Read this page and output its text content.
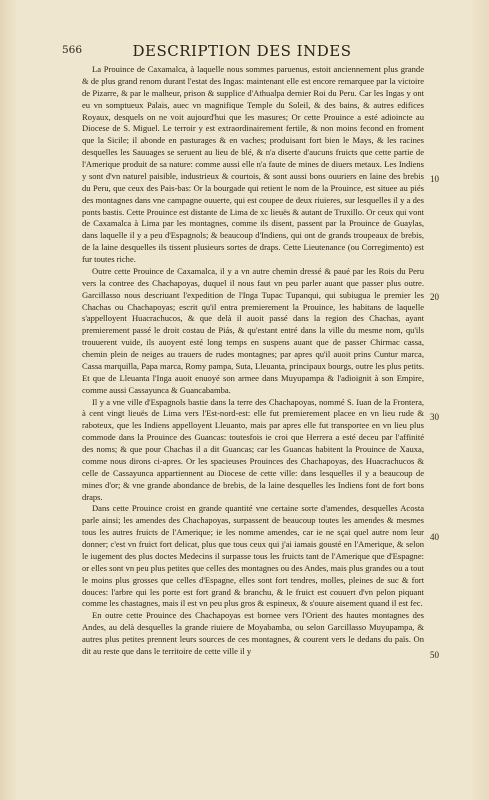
566	DESCRIPTION DES INDES

La Prouince de Caxamalca, à laquelle nous sommes paruenus, estoit anciennement plus grande & de plus grand renom durant l'estat des Ingas: maintenant elle est encore remarquee par la victoire de Pizarre, & par le malheur, prison & supplice d'Athualpa dernier Roi du Peru. Car les Ingas y ont eu vn somptueux Palais, auec vn magnifique Temple du Soleil, & des bains, & autres edifices Royaux, desquels on ne voit aujourd'hui que les masures; Or cette Prouince a esté adioincte au Diocese de S. Miguel. Le terroir y est extraordinairement fertile, & non moins fecond en froment que la Sicile; il abonde en pasturages & en vaches; produisant fort bien le Mays, & les racines desquelles les Sauuages se seruent au lieu de blé, & n'a diserte d'aucuns fruicts que cette partie de l'Amerique produit de sa nature: comme aussi elle n'a faute de mines de diuers metaux. Les Indiens y sont d'vn naturel paisible, industrieux & courtois, & sont aussi bons ouuriers en laine des brebis du Peru, que ceux des Pais-bas: Or la bourgade qui retient le nom de la Prouince, est situee au piés des montagnes dans vne campagne ouuerte, qui est coupee de deux riuieres, sur lesquelles il y a des ponts bastis. Cette Prouince est distante de Lima de xc lieuës & autant de Truxillo. Or ceux qui vont de Caxamalca à Lima par les montagnes, comme ils disent, passent par la Prouince de Guaylas, dans laquelle il y a peu d'Espagnols; & beaucoup d'Indiens, qui ont de grands troupeaux de brebis, de la laine desquelles ils tissent plusieurs sortes de draps. Cette Lieutenance (ou Corregimento) est fur toutes riche.

Outre cette Prouince de Caxamalca, il y a vn autre chemin dressé & paué par les Rois du Peru vers la contree des Chachapoyas, duquel il nous faut vn peu parler auant que passer plus outre. Garcillasso nous descriuant l'expedition de l'Inga Tupac Tupanqui, qui subiugua le premier les Chachas ou Chachapoyas; escrit qu'il entra premierement la Prouince, les habitans de laquelle s'appelloyent Huacrachucos, & que delà il auoit passé dans la region des Chachas, ayant premierement passé le droit costau de Piás, & qu'estant entré dans la ville du mesme nom, qu'ils trouuerent vuide, ils auoyent esté long temps en suspens auant que de passer Chirmac cassa, chemin plein de neiges au trauers de rudes montagnes; par apres qu'il auoit prins Cuntur marca, Cassa marquilla, Papa marca, Romy pampa, Suta, Lleuanta, principaux bourgs, outre les plus petits. Et que de Lleuanta l'Inga auoit enuoyé son armee dans Muyupampa & l'adioignit à son Empire, comme aussi Cassayunca & Guancabamba.

Il y a vne ville d'Espagnols bastie dans la terre des Chachapoyas, nommé S. Iuan de la Frontera, à cent vingt lieuës de Lima vers l'Est-nord-est: elle fut premierement placee en vn lieu rude & raboteux, que les Indiens appelloyent Lleuanto, mais par apres elle fut transportee en vn lieu plus commode dans la Prouince des Guancas: toutesfois ie croi que Herrera a esté deceu par l'affinité des noms; & que pour Chachas il a dit Guancas; car les Guancas habitent la Prouince de Xauxa, comme nous dirons ci-apres. Or les spacieuses Prouinces des Chachapoyas, des Huacrachucos & celle de Cassayunca appartiennent au Diocese de cette ville: dans lesquelles il y a beaucoup de mines d'or; & vne grande abondance de brebis, de la laine desquelles les Indiens font de fort bons draps.

Dans cette Prouince croist en grande quantité vne certaine sorte d'amendes, desquelles Acosta parle ainsi; les amendes des Chachapoyas, surpassent de beaucoup toutes les amendes & mesmes tous les autres fruicts de l'Amerique; ie les nomme amendes, car ie ne sçai quel autre nom leur donner; c'est vn fruict fort delicat, plus que tous ceux qui j'ai iamais gousté en l'Amerique, & selon le iugement des plus doctes Medecins il surpasse tous les fruicts tant de l'Amerique que d'Espagne: or elles sont vn peu plus petites que celles des montagnes ou des Andes, mais plus grandes ou a tout le moins plus grosses que celles d'Espagne, elles sont fort tendres, molles, pleines de suc & fort douces: l'arbre qui les porte est fort grand & branchu, & le fruict est couuert d'vn pelon piquant comme les chastagnes, mais il est vn peu plus gros & espineux, & s'ouure aisement quand il est fec.

En outre cette Prouince des Chachapoyas est bornee vers l'Orient des hautes montagnes des Andes, au delà desquelles la grande riuiere de Moyabamba, ou selon Garcillasso Muyupampa, & autres plus petites prennent leurs sources de ces montagnes, & courent vers le dedans du païs. On dit au reste que dans le territoire de cette ville il y

10
20
30
40
50
